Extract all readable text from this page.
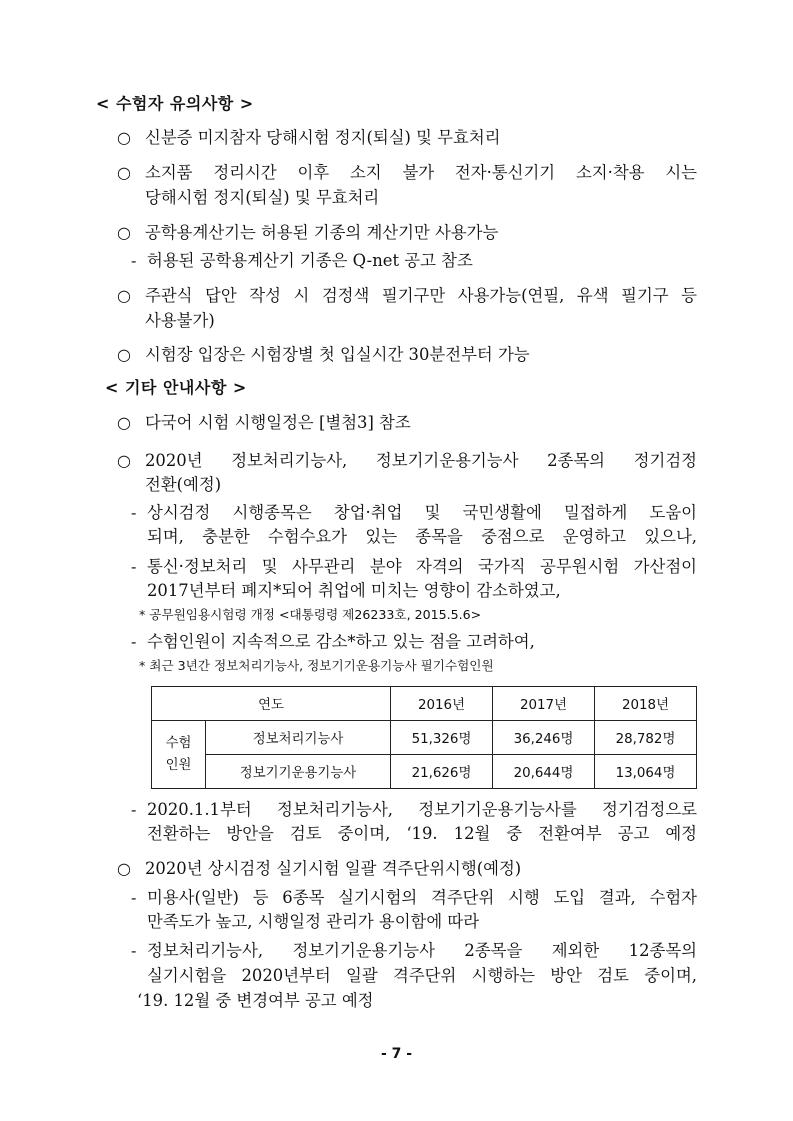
< 수험자 유의사항 >
○ 신분증 미지참자 당해시험 정지(퇴실) 및 무효처리
○ 소지품 정리시간 이후 소지 불가 전자·통신기기 소지·착용 시는
당해시험 정지(퇴실) 및 무효처리
○ 공학용계산기는 허용된 기종의 계산기만 사용가능
- 허용된 공학용계산기 기종은 Q-net 공고 참조
○ 주관식 답안 작성 시 검정색 필기구만 사용가능(연필, 유색 필기구 등
사용불가)
○ 시험장 입장은 시험장별 첫 입실시간 30분전부터 가능
< 기타 안내사항 >
○ 다국어 시험 시행일정은 [별첨3] 참조
○ 2020년 정보처리기능사, 정보기기운용기능사 2종목의 정기검정
전환(예정)
- 상시검정 시행종목은 창업·취업 및 국민생활에 밀접하게 도움이
되며, 충분한 수험수요가 있는 종목을 중점으로 운영하고 있으나,
- 통신·정보처리 및 사무관리 분야 자격의 국가직 공무원시험 가산점이
2017년부터 폐지*되어 취업에 미치는 영향이 감소하였고,
* 공무원임용시험령 개정 <대통령령 제26233호, 2015.5.6>
- 수험인원이 지속적으로 감소*하고 있는 점을 고려하여,
* 최근 3년간 정보처리기능사, 정보기기운용기능사 필기수험인원
연도		2016년	2017년	2018년
수험
인원	정보처리기능사	51,326명	36,246명	28,782명
	정보기기운용기능사	21,626명	20,644명	13,064명
- 2020.1.1부터 정보처리기능사, 정보기기운용기능사를 정기검정으로
전환하는 방안을 검토 중이며, ‘19. 12월 중 전환여부 공고 예정
○ 2020년 상시검정 실기시험 일괄 격주단위시행(예정)
- 미용사(일반) 등 6종목 실기시험의 격주단위 시행 도입 결과, 수험자
만족도가 높고, 시행일정 관리가 용이함에 따라
- 정보처리기능사, 정보기기운용기능사 2종목을 제외한 12종목의
실기시험을 2020년부터 일괄 격주단위 시행하는 방안 검토 중이며,
‘19. 12월 중 변경여부 공고 예정
- 7 -
